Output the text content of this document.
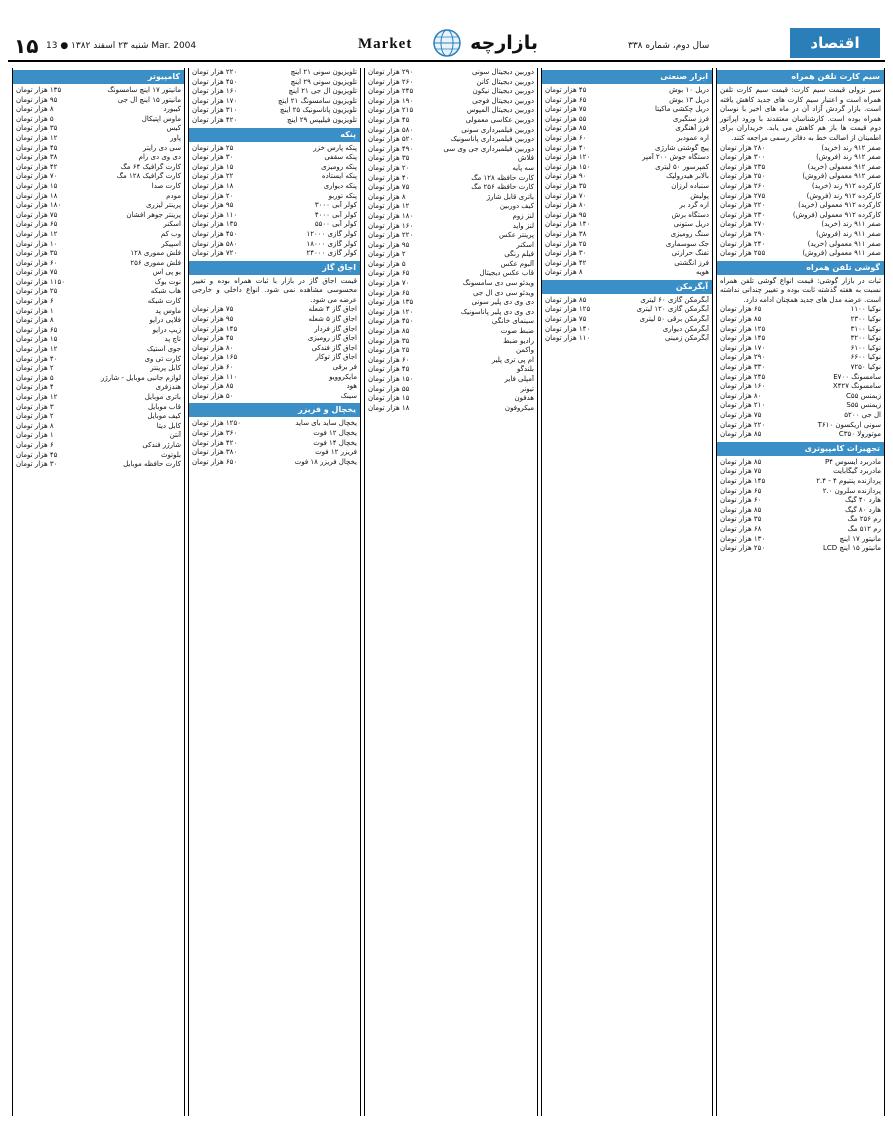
۱۵ شنبه ۲۳ اسفند ۱۳۸۲ ● 13 Mar. 2004	Market	بازارچه	سال دوم، شماره ۳۳۸	اقتصاد
سیم کارت تلفن همراه
سیر نزولی قیمت سیم کارت: قیمت سیم کارت تلفن همراه است و اعتبار سیم کارت های جدید کاهش یافته است. بازار گردش آزاد آن در ماه های اخیر با نوسان همراه بوده است. کارشناسان معتقدند با ورود اپراتور دوم قیمت ها باز هم کاهش می یابد. خریداران برای اطمینان از اصالت خط به دفاتر رسمی مراجعه کنند.
صفر ۹۱۲ رند (خرید)
۲۸۰ هزار تومان
صفر ۹۱۲ رند (فروش)
۳۰۰ هزار تومان
صفر ۹۱۲ معمولی (خرید)
۲۳۵ هزار تومان
صفر ۹۱۲ معمولی (فروش)
۲۵۰ هزار تومان
کارکرده ۹۱۲ رند (خرید)
۲۶۰ هزار تومان
کارکرده ۹۱۲ رند (فروش)
۲۷۵ هزار تومان
کارکرده ۹۱۲ معمولی (خرید)
۲۲۰ هزار تومان
کارکرده ۹۱۲ معمولی (فروش)
۲۳۰ هزار تومان
صفر ۹۱۱ رند (خرید)
۲۷۰ هزار تومان
صفر ۹۱۱ رند (فروش)
۲۹۰ هزار تومان
صفر ۹۱۱ معمولی (خرید)
۲۴۰ هزار تومان
صفر ۹۱۱ معمولی (فروش)
۲۵۵ هزار تومان
گوشی تلفن همراه
ثبات در بازار گوشی: قیمت انواع گوشی تلفن همراه نسبت به هفته گذشته ثابت بوده و تغییر چندانی نداشته است. عرضه مدل های جدید همچنان ادامه دارد.
نوکیا ۱۱۰۰
۶۵ هزار تومان
نوکیا ۲۳۰۰
۸۵ هزار تومان
نوکیا ۳۱۰۰
۱۲۵ هزار تومان
نوکیا ۳۲۰۰
۱۴۵ هزار تومان
نوکیا ۶۱۰۰
۱۷۰ هزار تومان
نوکیا ۶۶۰۰
۲۹۰ هزار تومان
نوکیا ۷۲۵۰
۳۳۰ هزار تومان
سامسونگ E۷۰۰
۲۴۵ هزار تومان
سامسونگ X۴۲۷
۱۶۰ هزار تومان
زیمنس C۵۵
۸۰ هزار تومان
زیمنس S۵۵
۲۱۰ هزار تومان
ال جی ۵۲۰۰
۷۵ هزار تومان
سونی اریکسون T۶۱۰
۲۲۰ هزار تومان
موتورولا C۳۵۰
۸۵ هزار تومان
تجهیزات کامپیوتری
مادربرد ایسوس P۴
۸۵ هزار تومان
مادربرد گیگابایت
۷۵ هزار تومان
پردازنده پنتیوم ۴ - ۲.۴
۱۴۵ هزار تومان
پردازنده سلرون ۲.۰
۶۵ هزار تومان
هارد ۴۰ گیگ
۶۰ هزار تومان
هارد ۸۰ گیگ
۸۵ هزار تومان
رم ۲۵۶ مگ
۳۵ هزار تومان
رم ۵۱۲ مگ
۶۸ هزار تومان
مانیتور ۱۷ اینچ
۱۳۰ هزار تومان
مانیتور ۱۵ اینچ LCD
۲۵۰ هزار تومان
ابزار صنعتی
دریل ۱۰ بوش
۴۵ هزار تومان
دریل ۱۳ بوش
۶۵ هزار تومان
دریل چکشی ماکیتا
۷۵ هزار تومان
فرز سنگبری
۵۵ هزار تومان
فرز آهنگری
۸۵ هزار تومان
اره عمودبر
۶۰ هزار تومان
پیچ گوشتی شارژی
۴۰ هزار تومان
دستگاه جوش ۲۰۰ آمپر
۱۲۰ هزار تومان
کمپرسور ۵۰ لیتری
۱۵۰ هزار تومان
بالابر هیدرولیک
۹۰ هزار تومان
سنباده لرزان
۳۵ هزار تومان
پولیش
۷۰ هزار تومان
اره گرد بر
۸۰ هزار تومان
دستگاه برش
۹۵ هزار تومان
دریل ستونی
۱۴۰ هزار تومان
سنگ رومیزی
۳۸ هزار تومان
جک سوسماری
۲۵ هزار تومان
تفنگ حرارتی
۳۰ هزار تومان
فرز انگشتی
۴۲ هزار تومان
هویه
۸ هزار تومان
آبگرمکن
آبگرمکن گازی ۶۰ لیتری
۸۵ هزار تومان
آبگرمکن گازی ۱۲۰ لیتری
۱۲۵ هزار تومان
آبگرمکن برقی ۵۰ لیتری
۷۵ هزار تومان
آبگرمکن دیواری
۱۴۰ هزار تومان
آبگرمکن زمینی
۱۱۰ هزار تومان
دوربین دیجیتال سونی
۲۹۰ هزار تومان
دوربین دیجیتال کانن
۲۶۰ هزار تومان
دوربین دیجیتال نیکون
۲۴۵ هزار تومان
دوربین دیجیتال فوجی
۱۹۰ هزار تومان
دوربین دیجیتال المپوس
۲۱۵ هزار تومان
دوربین عکاسی معمولی
۴۵ هزار تومان
دوربین فیلمبرداری سونی
۵۸۰ هزار تومان
دوربین فیلمبرداری پاناسونیک
۵۲۰ هزار تومان
دوربین فیلمبرداری جی وی سی
۴۹۰ هزار تومان
فلاش
۳۵ هزار تومان
سه پایه
۲۰ هزار تومان
کارت حافظه ۱۲۸ مگ
۴۰ هزار تومان
کارت حافظه ۲۵۶ مگ
۷۵ هزار تومان
باتری قابل شارژ
۸ هزار تومان
کیف دوربین
۱۲ هزار تومان
لنز زوم
۱۸۰ هزار تومان
لنز واید
۱۶۰ هزار تومان
پرینتر عکس
۲۲۰ هزار تومان
اسکنر
۹۵ هزار تومان
فیلم رنگی
۲ هزار تومان
آلبوم عکس
۵ هزار تومان
قاب عکس دیجیتال
۶۵ هزار تومان
ویدئو سی دی سامسونگ
۷۰ هزار تومان
ویدئو سی دی ال جی
۶۵ هزار تومان
دی وی دی پلیر سونی
۱۳۵ هزار تومان
دی وی دی پلیر پاناسونیک
۱۲۰ هزار تومان
سینمای خانگی
۴۵۰ هزار تومان
ضبط صوت
۸۵ هزار تومان
رادیو ضبط
۳۵ هزار تومان
واکمن
۲۵ هزار تومان
ام پی تری پلیر
۶۰ هزار تومان
بلندگو
۴۵ هزار تومان
آمپلی فایر
۱۵۰ هزار تومان
تیونر
۵۵ هزار تومان
هدفون
۱۵ هزار تومان
میکروفون
۱۸ هزار تومان
تلویزیون سونی ۲۱ اینچ
۲۲۰ هزار تومان
تلویزیون سونی ۲۹ اینچ
۴۵۰ هزار تومان
تلویزیون ال جی ۲۱ اینچ
۱۶۰ هزار تومان
تلویزیون سامسونگ ۲۱ اینچ
۱۷۰ هزار تومان
تلویزیون پاناسونیک ۲۵ اینچ
۳۱۰ هزار تومان
تلویزیون فیلیپس ۲۹ اینچ
۴۲۰ هزار تومان
پنکه
پنکه پارس خزر
۲۵ هزار تومان
پنکه سقفی
۳۰ هزار تومان
پنکه رومیزی
۱۵ هزار تومان
پنکه ایستاده
۲۲ هزار تومان
پنکه دیواری
۱۸ هزار تومان
پنکه توربو
۲۰ هزار تومان
کولر آبی ۳۰۰۰
۹۵ هزار تومان
کولر آبی ۴۰۰۰
۱۱۰ هزار تومان
کولر آبی ۵۵۰۰
۱۳۵ هزار تومان
کولر گازی ۱۲۰۰۰
۴۵۰ هزار تومان
کولر گازی ۱۸۰۰۰
۵۸۰ هزار تومان
کولر گازی ۲۴۰۰۰
۷۲۰ هزار تومان
اجاق گاز
قیمت اجاق گاز در بازار با ثبات همراه بوده و تغییر محسوسی مشاهده نمی شود. انواع داخلی و خارجی عرضه می شود.
اجاق گاز ۴ شعله
۷۵ هزار تومان
اجاق گاز ۵ شعله
۹۵ هزار تومان
اجاق گاز فردار
۱۴۵ هزار تومان
اجاق گاز رومیزی
۴۵ هزار تومان
اجاق گاز فندکی
۸۰ هزار تومان
اجاق گاز توکار
۱۶۵ هزار تومان
فر برقی
۶۰ هزار تومان
مایکروویو
۱۱۰ هزار تومان
هود
۸۵ هزار تومان
سینک
۵۰ هزار تومان
یخچال و فریزر
یخچال ساید بای ساید
۱۲۵۰ هزار تومان
یخچال ۱۲ فوت
۳۶۰ هزار تومان
یخچال ۱۴ فوت
۴۲۰ هزار تومان
فریزر ۱۲ فوت
۳۸۰ هزار تومان
یخچال فریزر ۱۸ فوت
۶۵۰ هزار تومان
کامپیوتر
مانیتور ۱۷ اینچ سامسونگ
۱۳۵ هزار تومان
مانیتور ۱۵ اینچ ال جی
۹۵ هزار تومان
کیبورد
۸ هزار تومان
ماوس اپتیکال
۵ هزار تومان
کیس
۳۵ هزار تومان
پاور
۱۲ هزار تومان
سی دی رایتر
۴۵ هزار تومان
دی وی دی رام
۳۸ هزار تومان
کارت گرافیک ۶۴ مگ
۴۲ هزار تومان
کارت گرافیک ۱۲۸ مگ
۷۰ هزار تومان
کارت صدا
۱۵ هزار تومان
مودم
۱۸ هزار تومان
پرینتر لیزری
۱۸۰ هزار تومان
پرینتر جوهر افشان
۷۵ هزار تومان
اسکنر
۶۵ هزار تومان
وب کم
۱۲ هزار تومان
اسپیکر
۱۰ هزار تومان
فلش مموری ۱۲۸
۳۵ هزار تومان
فلش مموری ۲۵۶
۶۰ هزار تومان
یو پی اس
۷۵ هزار تومان
نوت بوک
۱۱۵۰ هزار تومان
هاب شبکه
۲۵ هزار تومان
کارت شبکه
۶ هزار تومان
ماوس پد
۱ هزار تومان
فلاپی درایو
۸ هزار تومان
زیپ درایو
۶۵ هزار تومان
تاچ پد
۱۵ هزار تومان
جوی استیک
۱۲ هزار تومان
کارت تی وی
۴۰ هزار تومان
کابل پرینتر
۲ هزار تومان
لوازم جانبی موبایل - شارژر
۵ هزار تومان
هندزفری
۴ هزار تومان
باتری موبایل
۱۲ هزار تومان
قاب موبایل
۳ هزار تومان
کیف موبایل
۲ هزار تومان
کابل دیتا
۸ هزار تومان
آنتن
۱ هزار تومان
شارژر فندکی
۶ هزار تومان
بلوتوث
۴۵ هزار تومان
کارت حافظه موبایل
۳۰ هزار تومان
